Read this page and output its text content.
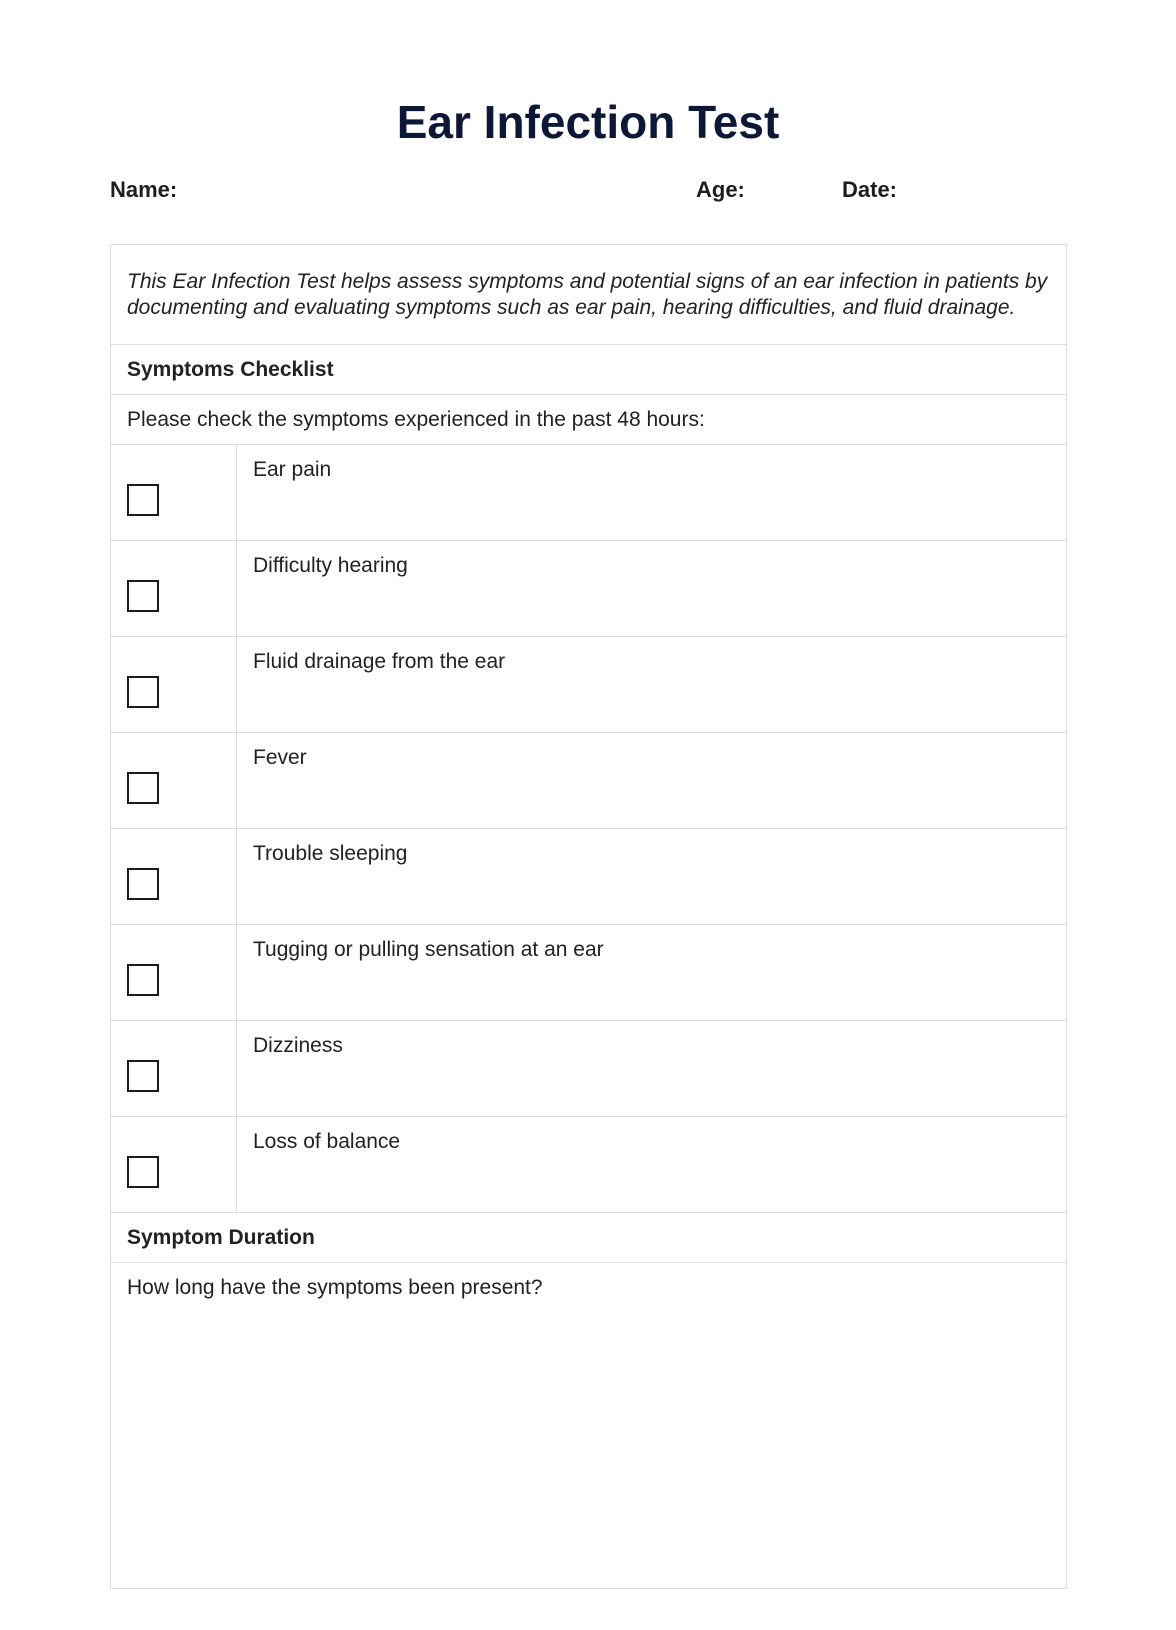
Ear Infection Test
Name:	Age:	Date:
This Ear Infection Test helps assess symptoms and potential signs of an ear infection in patients by documenting and evaluating symptoms such as ear pain, hearing difficulties, and fluid drainage.	
Symptoms Checklist	
Please check the symptoms experienced in the past 48 hours:	

	Ear pain

	Difficulty hearing

	Fluid drainage from the ear

	Fever

	Trouble sleeping

	Tugging or pulling sensation at an ear

	Dizziness

	Loss of balance
Symptom Duration	
How long have the symptoms been present?	
